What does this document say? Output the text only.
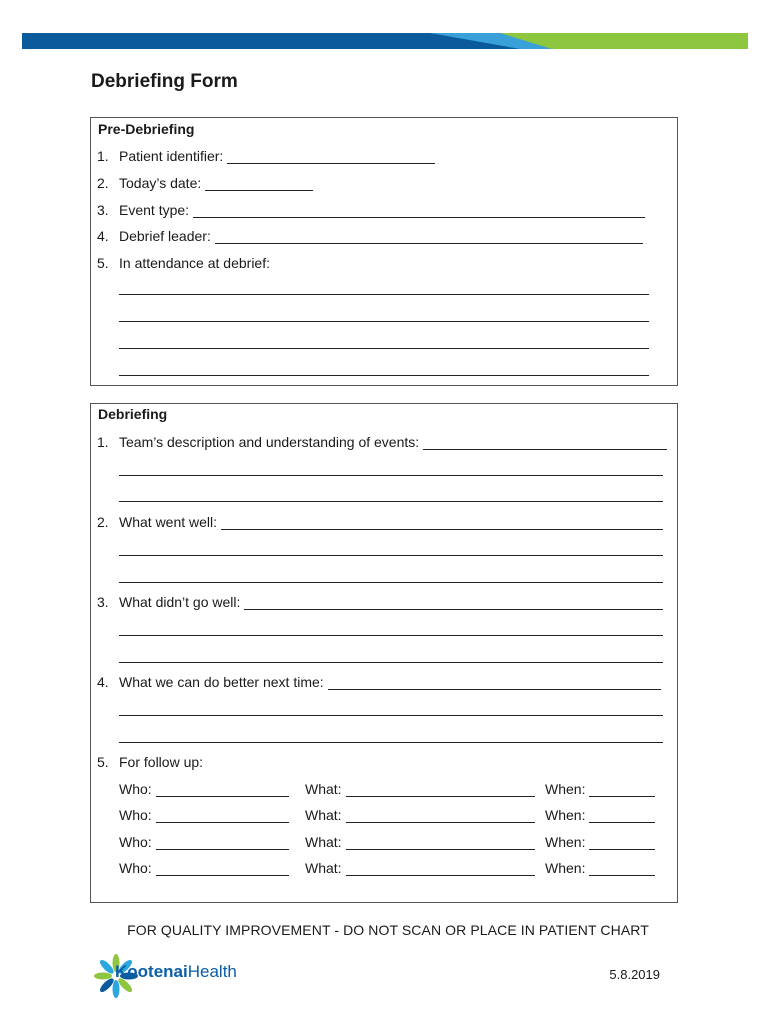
Debriefing Form
Pre-Debriefing
1. Patient identifier:
2. Today’s date:
3. Event type:
4. Debrief leader:
5. In attendance at debrief:
Debriefing
1. Team’s description and understanding of events:
2. What went well:
3. What didn’t go well:
4. What we can do better next time:
5. For follow up:
Who:	What:	When:
Who:	What:	When:
Who:	What:	When:
Who:	What:	When:
FOR QUALITY IMPROVEMENT - DO NOT SCAN OR PLACE IN PATIENT CHART
KootenaiHealth	5.8.2019
